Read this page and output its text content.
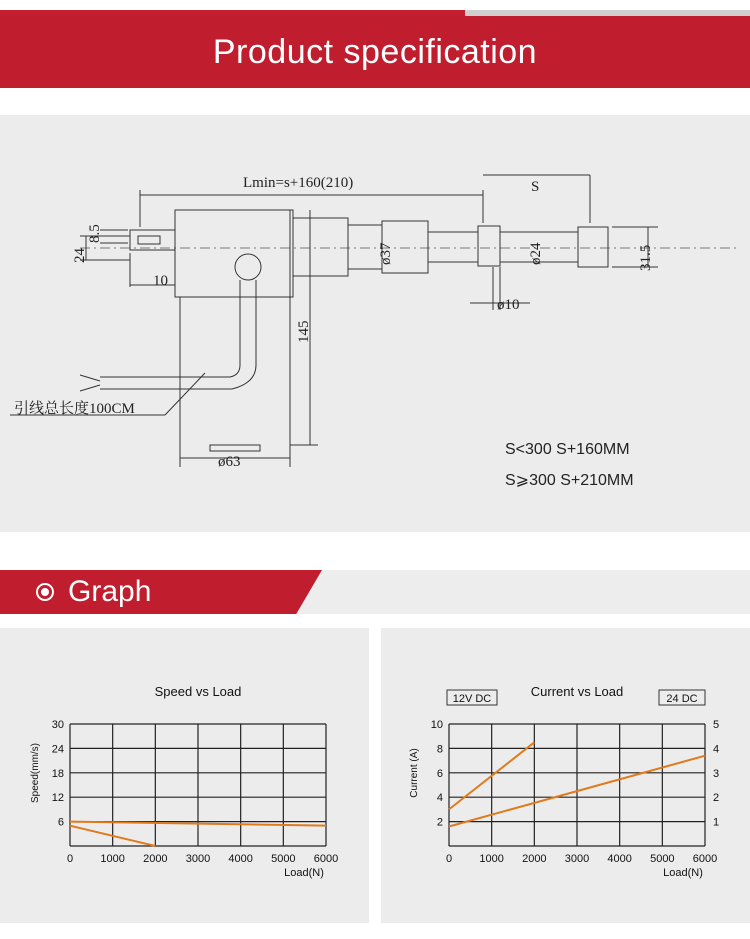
Product specification
Lmin=s+160(210)	S
8.5
24
10
ø37	ø24	31.5
ø10
145
ø63
引线总长度100CM
S<300 S+160MM
S⩾300 S+210MM
Graph
Speed vs Load
0 1000 2000 3000 4000 5000 6000
6
12
18
24
30
Load(N)
Speed(mm/s)
Current vs Load
0 1000 2000 3000 4000 5000 6000
2
4
6
8
10
1
2
3
4
5
Load(N)
Current (A)
12V DC	24 DC
